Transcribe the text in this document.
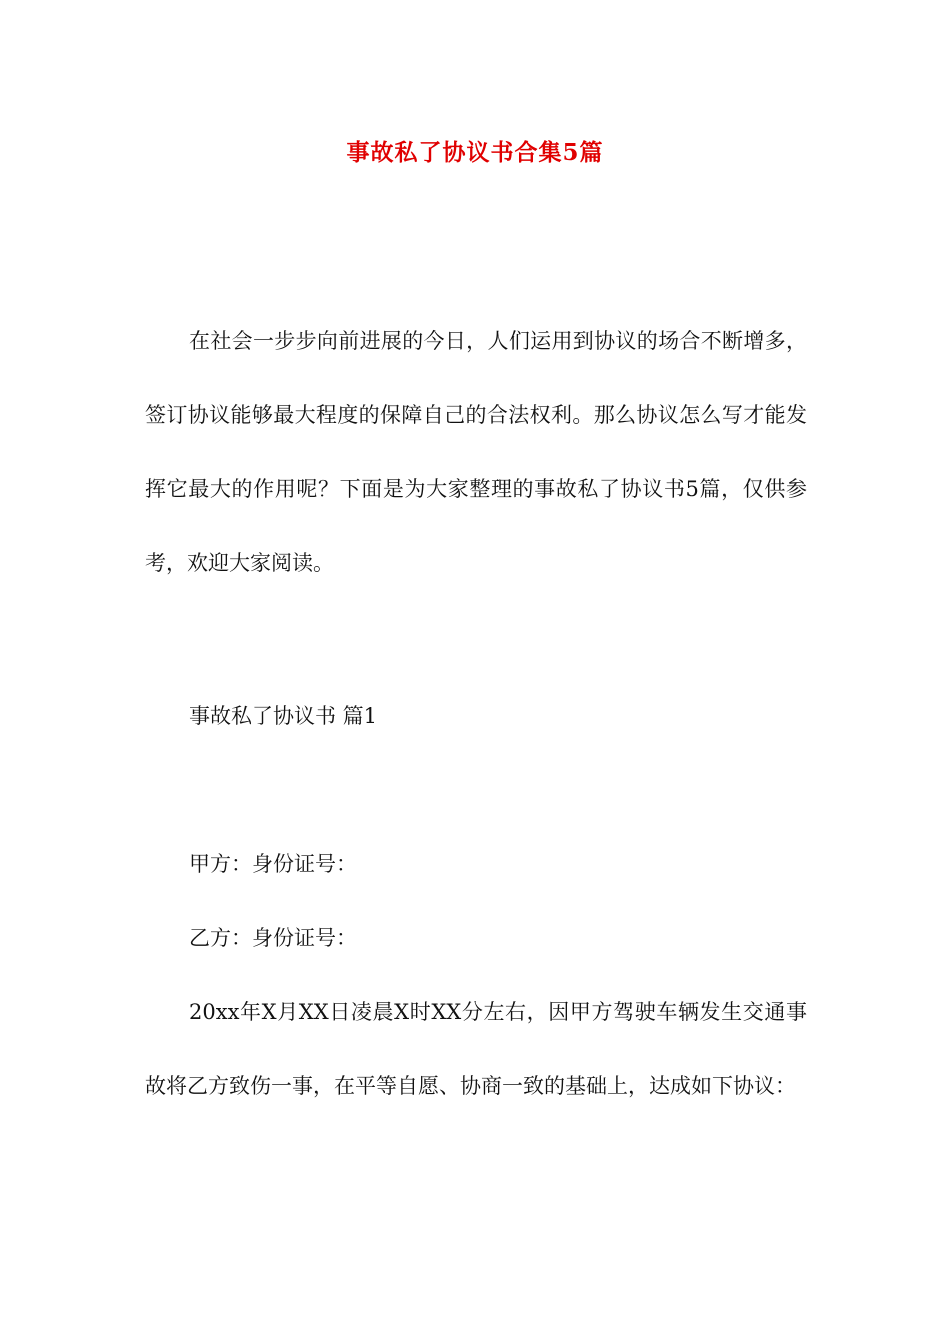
事故私了协议书合集5篇

在社会一步步向前进展的今日，人们运用到协议的场合不断增多，签订协议能够最大程度的保障自己的合法权利。那么协议怎么写才能发挥它最大的作用呢？下面是为大家整理的事故私了协议书5篇，仅供参考，欢迎大家阅读。

事故私了协议书 篇1

甲方：身份证号：

乙方：身份证号：

20xx年X月XX日凌晨X时XX分左右，因甲方驾驶车辆发生交通事故将乙方致伤一事，在平等自愿、协商一致的基础上，达成如下协议：
